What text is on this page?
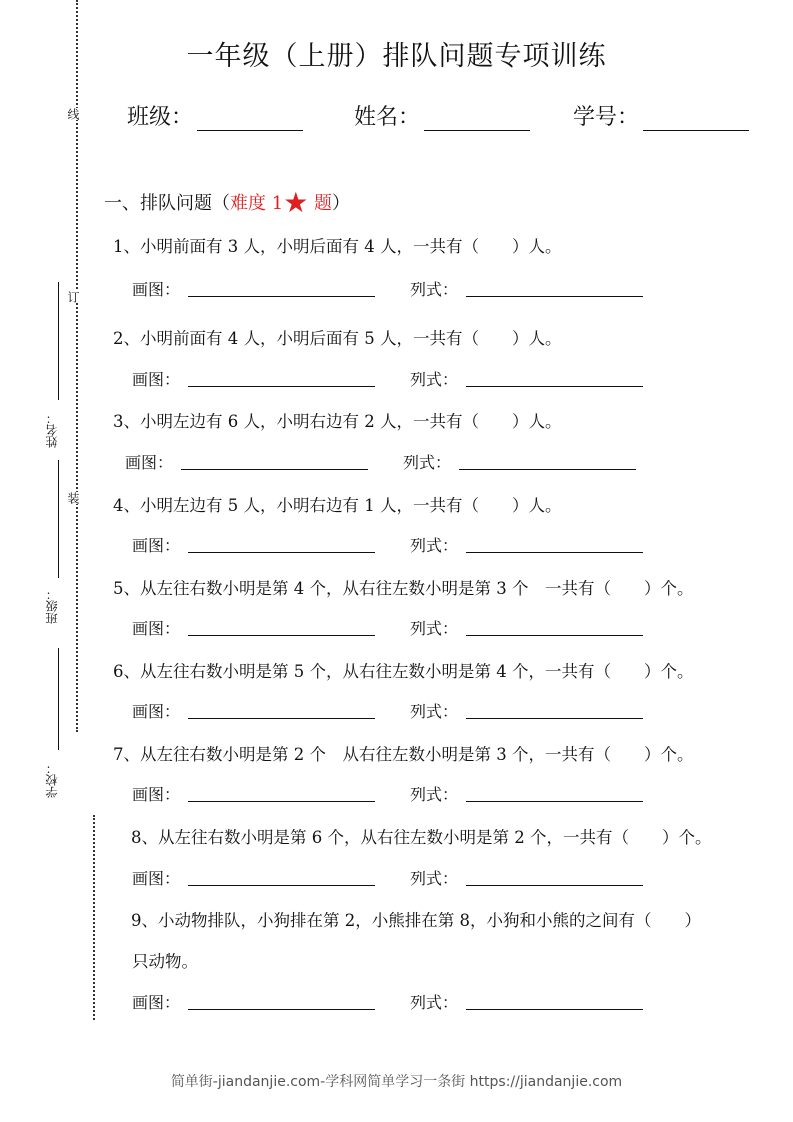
线
订
装
姓名：
班级：
学校：
一年级（上册）排队问题专项训练
班级：	姓名：	学号：
一、排队问题（难度 1★ 题）
1、小明前面有 3 人，小明后面有 4 人，一共有（　　）人。
画图：	列式：
2、小明前面有 4 人，小明后面有 5 人，一共有（　　）人。
画图：	列式：
3、小明左边有 6 人，小明右边有 2 人，一共有（　　）人。
画图：	列式：
4、小明左边有 5 人，小明右边有 1 人，一共有（　　）人。
画图：	列式：
5、从左往右数小明是第 4 个，从右往左数小明是第 3 个　一共有（　　）个。
画图：	列式：
6、从左往右数小明是第 5 个，从右往左数小明是第 4 个，一共有（　　）个。
画图：	列式：
7、从左往右数小明是第 2 个　从右往左数小明是第 3 个，一共有（　　）个。
画图：	列式：
8、从左往右数小明是第 6 个，从右往左数小明是第 2 个，一共有（　　）个。
画图：	列式：
9、小动物排队，小狗排在第 2，小熊排在第 8，小狗和小熊的之间有（　　）
只动物。
画图：	列式：
简单街-jiandanjie.com-学科网简单学习一条街 https://jiandanjie.com
